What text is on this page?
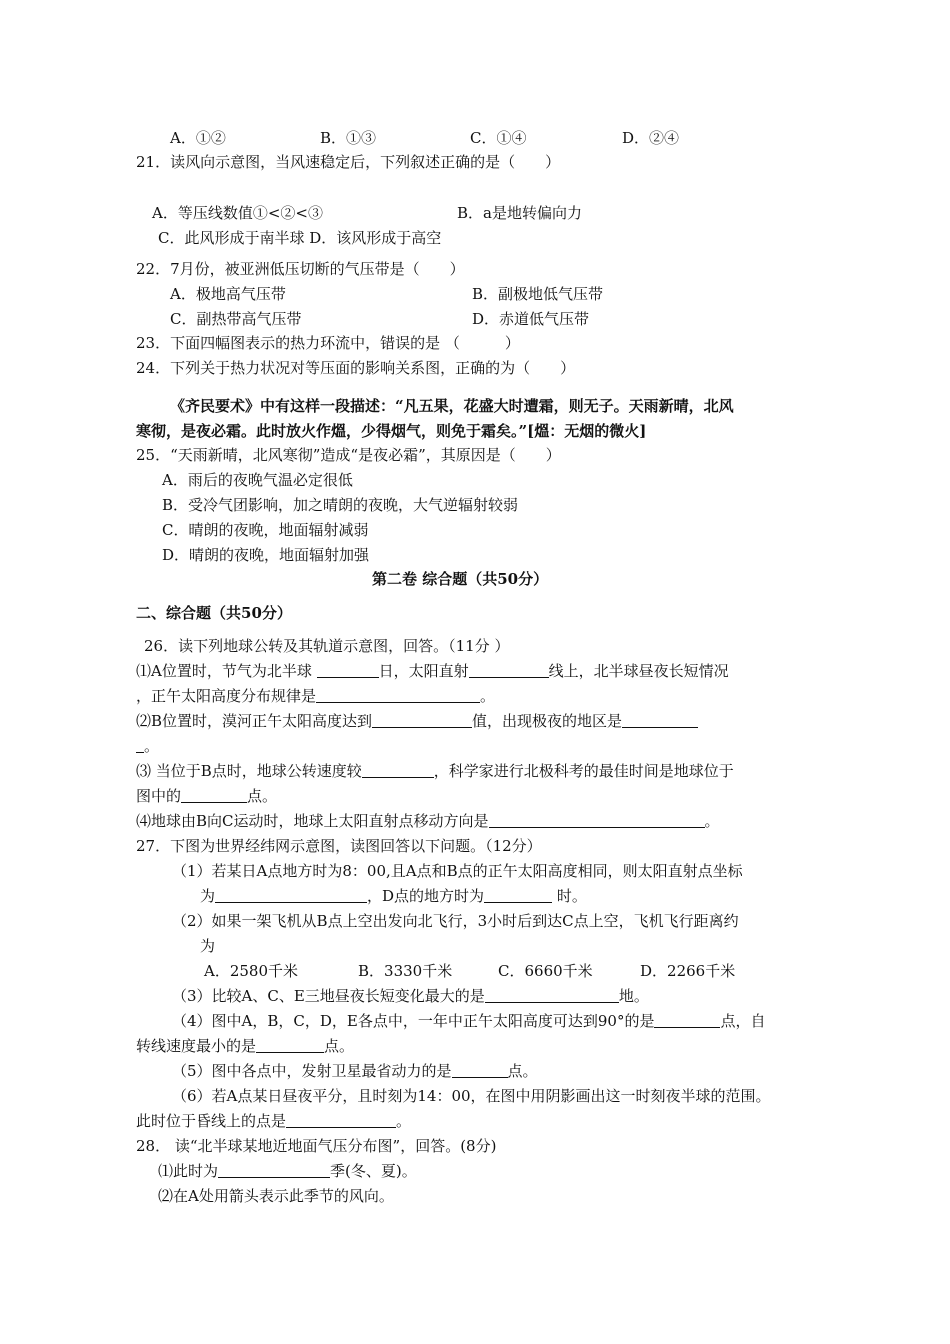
A．①②	B．①③	C．①④	D．②④
21．读风向示意图，当风速稳定后，下列叙述正确的是（　　）
A．等压线数值①<②<③	B．a是地转偏向力
C．此风形成于南半球 D．该风形成于高空
22．7月份，被亚洲低压切断的气压带是（　　）
A．极地高气压带	B．副极地低气压带
C．副热带高气压带	D．赤道低气压带
23．下面四幅图表示的热力环流中，错误的是 （　　　）
24．下列关于热力状况对等压面的影响关系图，正确的为（　　）
《齐民要术》中有这样一段描述：“凡五果，花盛大时遭霜，则无子。天雨新晴，北风
寒彻，是夜必霜。此时放火作熅，少得烟气，则免于霜矣。”[熅：无烟的微火]
25．“天雨新晴，北风寒彻”造成“是夜必霜”，其原因是（　　）
A．雨后的夜晚气温必定很低
B．受冷气团影响，加之晴朗的夜晚，大气逆辐射较弱
C．晴朗的夜晚，地面辐射减弱
D．晴朗的夜晚，地面辐射加强
第二卷 综合题（共50分）
二、综合题（共50分）
26．读下列地球公转及其轨道示意图，回答。（11分 ）
⑴A位置时，节气为北半球	日，太阳直射	线上，北半球昼夜长短情况
，正午太阳高度分布规律是	。
⑵B位置时，漠河正午太阳高度达到	值，出现极夜的地区是
。
⑶ 当位于B点时，地球公转速度较	，科学家进行北极科考的最佳时间是地球位于
图中的	点。
⑷地球由B向C运动时，地球上太阳直射点移动方向是	。
27．下图为世界经纬网示意图，读图回答以下问题。（12分）
（1）若某日A点地方时为8：00,且A点和B点的正午太阳高度相同，则太阳直射点坐标
为	，D点的地方时为	时。
（2）如果一架飞机从B点上空出发向北飞行，3小时后到达C点上空，飞机飞行距离约
为
A．2580千米	B．3330千米	C．6660千米	D．2266千米
（3）比较A、C、E三地昼夜长短变化最大的是	地。
（4）图中A，B，C，D，E各点中，一年中正午太阳高度可达到90°的是	点，自
转线速度最小的是	点。
（5）图中各点中，发射卫星最省动力的是	点。
（6）若A点某日昼夜平分，且时刻为14：00，在图中用阴影画出这一时刻夜半球的范围。
此时位于昏线上的点是	。
28． 读“北半球某地近地面气压分布图”，回答。(8分)
⑴此时为	季(冬、夏)。
⑵在A处用箭头表示此季节的风向。
